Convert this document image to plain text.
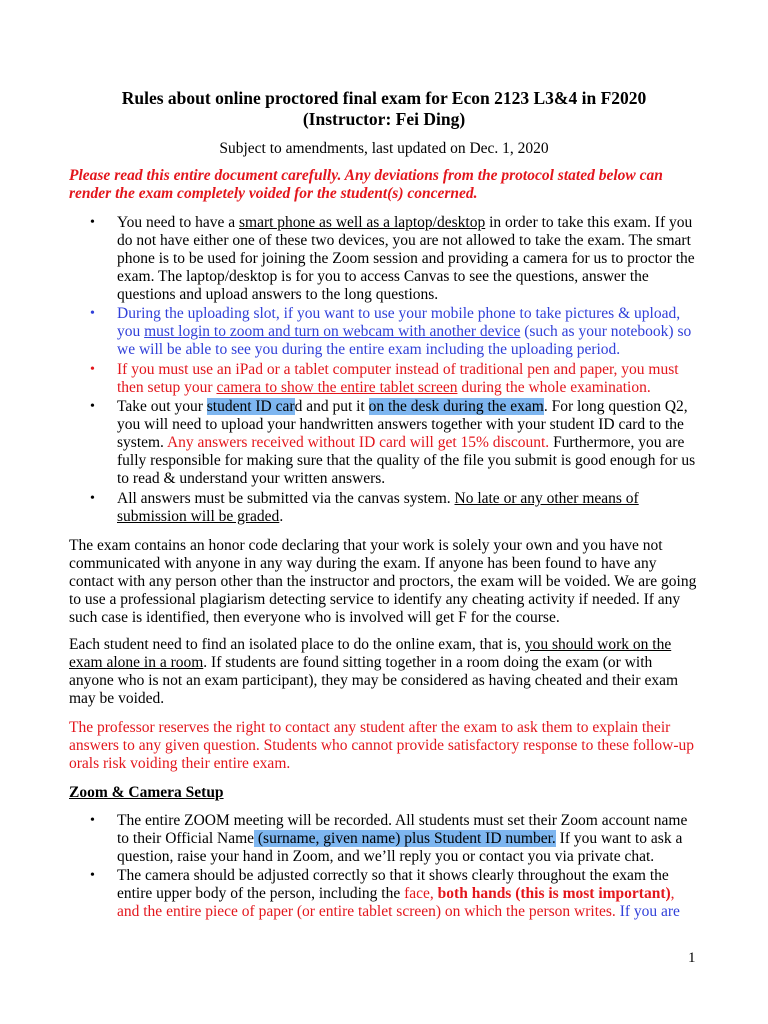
Rules about online proctored final exam for Econ 2123 L3&4 in F2020
(Instructor: Fei Ding)
Subject to amendments, last updated on Dec. 1, 2020
Please read this entire document carefully. Any deviations from the protocol stated below can
render the exam completely voided for the student(s) concerned.
• You need to have a smart phone as well as a laptop/desktop in order to take this exam. If you
do not have either one of these two devices, you are not allowed to take the exam. The smart
phone is to be used for joining the Zoom session and providing a camera for us to proctor the
exam. The laptop/desktop is for you to access Canvas to see the questions, answer the
questions and upload answers to the long questions.
• During the uploading slot, if you want to use your mobile phone to take pictures & upload,
you must login to zoom and turn on webcam with another device (such as your notebook) so
we will be able to see you during the entire exam including the uploading period.
• If you must use an iPad or a tablet computer instead of traditional pen and paper, you must
then setup your camera to show the entire tablet screen during the whole examination.
• Take out your student ID card and put it on the desk during the exam. For long question Q2,
you will need to upload your handwritten answers together with your student ID card to the
system. Any answers received without ID card will get 15% discount. Furthermore, you are
fully responsible for making sure that the quality of the file you submit is good enough for us
to read & understand your written answers.
• All answers must be submitted via the canvas system. No late or any other means of
submission will be graded.
The exam contains an honor code declaring that your work is solely your own and you have not
communicated with anyone in any way during the exam. If anyone has been found to have any
contact with any person other than the instructor and proctors, the exam will be voided. We are going
to use a professional plagiarism detecting service to identify any cheating activity if needed. If any
such case is identified, then everyone who is involved will get F for the course.
Each student need to find an isolated place to do the online exam, that is, you should work on the
exam alone in a room. If students are found sitting together in a room doing the exam (or with
anyone who is not an exam participant), they may be considered as having cheated and their exam
may be voided.
The professor reserves the right to contact any student after the exam to ask them to explain their
answers to any given question. Students who cannot provide satisfactory response to these follow-up
orals risk voiding their entire exam.
Zoom & Camera Setup
• The entire ZOOM meeting will be recorded. All students must set their Zoom account name
to their Official Name (surname, given name) plus Student ID number. If you want to ask a
question, raise your hand in Zoom, and we’ll reply you or contact you via private chat.
• The camera should be adjusted correctly so that it shows clearly throughout the exam the
entire upper body of the person, including the face, both hands (this is most important),
and the entire piece of paper (or entire tablet screen) on which the person writes. If you are
1
